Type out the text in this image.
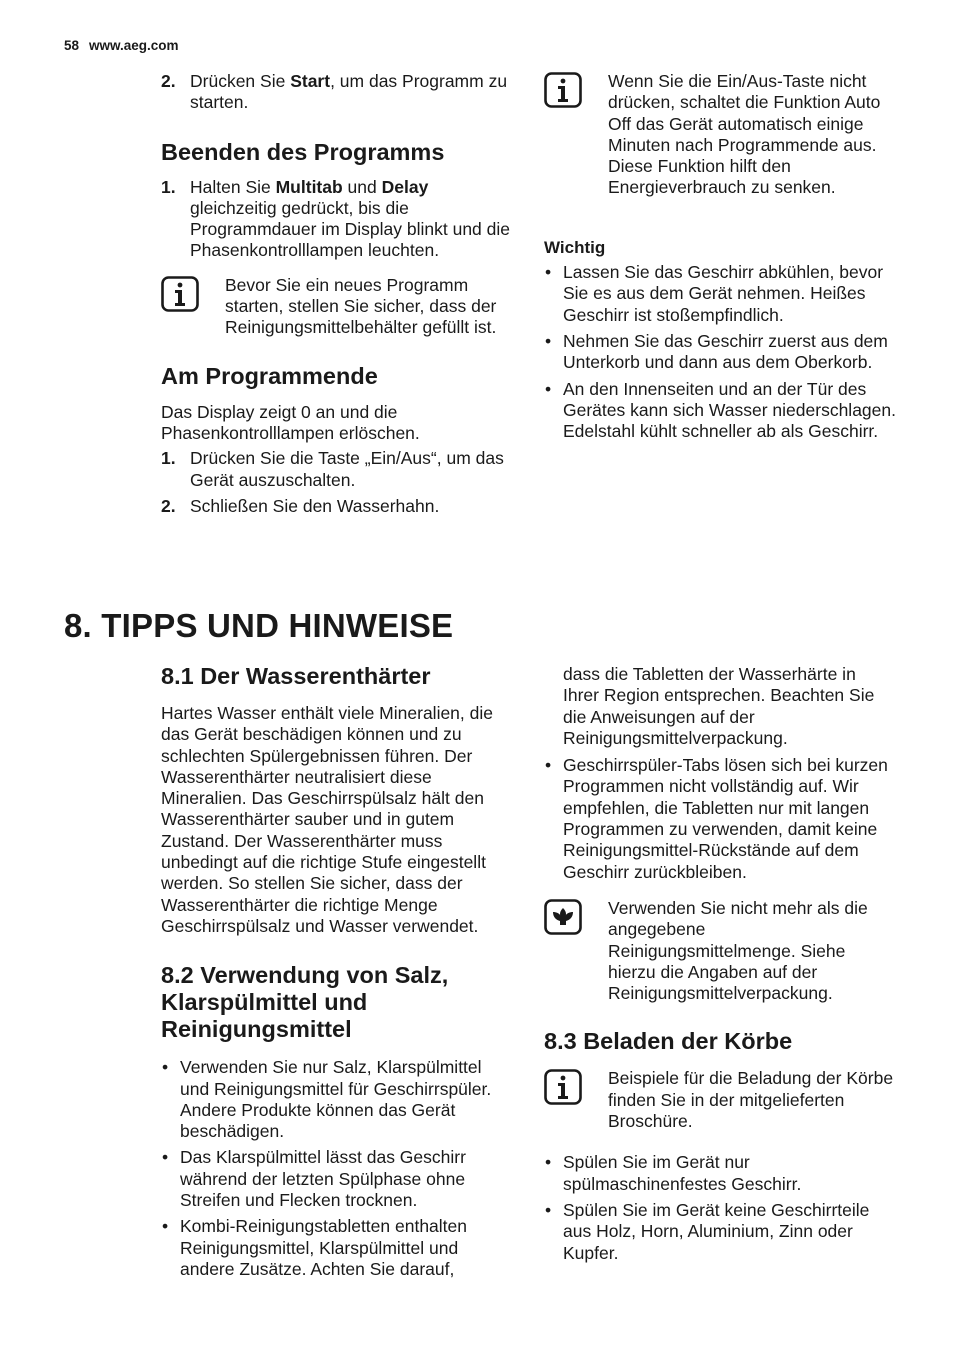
58 www.aeg.com
2. Drücken Sie Start, um das Programm zu starten.
Beenden des Programms
1. Halten Sie Multitab und Delay gleichzeitig gedrückt, bis die Programmdauer im Display blinkt und die Phasenkontrolllampen leuchten.
Bevor Sie ein neues Programm starten, stellen Sie sicher, dass der Reinigungsmittelbehälter gefüllt ist.
Am Programmende

Das Display zeigt 0 an und die Phasenkontrolllampen erlöschen.

1. Drücken Sie die Taste „Ein/Aus“, um das Gerät auszuschalten.
2. Schließen Sie den Wasserhahn.
Wenn Sie die Ein/Aus-Taste nicht drücken, schaltet die Funktion Auto Off das Gerät automatisch einige Minuten nach Programmende aus. Diese Funktion hilft den Energieverbrauch zu senken.
Wichtig
• Lassen Sie das Geschirr abkühlen, bevor Sie es aus dem Gerät nehmen. Heißes Geschirr ist stoßempfindlich.
• Nehmen Sie das Geschirr zuerst aus dem Unterkorb und dann aus dem Oberkorb.
• An den Innenseiten und an der Tür des Gerätes kann sich Wasser niederschlagen. Edelstahl kühlt schneller ab als Geschirr.
8. TIPPS UND HINWEISE
8.1 Der Wasserenthärter

Hartes Wasser enthält viele Mineralien, die das Gerät beschädigen können und zu schlechten Spülergebnissen führen. Der Wasserenthärter neutralisiert diese Mineralien. Das Geschirrspülsalz hält den Wasserenthärter sauber und in gutem Zustand. Der Wasserenthärter muss unbedingt auf die richtige Stufe eingestellt werden. So stellen Sie sicher, dass der Wasserenthärter die richtige Menge Geschirrspülsalz und Wasser verwendet.

8.2 Verwendung von Salz, Klarspülmittel und Reinigungsmittel
• Verwenden Sie nur Salz, Klarspülmittel und Reinigungsmittel für Geschirrspüler. Andere Produkte können das Gerät beschädigen.
• Das Klarspülmittel lässt das Geschirr während der letzten Spülphase ohne Streifen und Flecken trocknen.
• Kombi-Reinigungstabletten enthalten Reinigungsmittel, Klarspülmittel und andere Zusätze. Achten Sie darauf,
dass die Tabletten der Wasserhärte in Ihrer Region entsprechen. Beachten Sie die Anweisungen auf der Reinigungsmittelverpackung.
• Geschirrspüler-Tabs lösen sich bei kurzen Programmen nicht vollständig auf. Wir empfehlen, die Tabletten nur mit langen Programmen zu verwenden, damit keine Reinigungsmittel-Rückstände auf dem Geschirr zurückbleiben.
Verwenden Sie nicht mehr als die angegebene Reinigungsmittelmenge. Siehe hierzu die Angaben auf der Reinigungsmittelverpackung.
8.3 Beladen der Körbe
Beispiele für die Beladung der Körbe finden Sie in der mitgelieferten Broschüre.
• Spülen Sie im Gerät nur spülmaschinenfestes Geschirr.
• Spülen Sie im Gerät keine Geschirrteile aus Holz, Horn, Aluminium, Zinn oder Kupfer.
